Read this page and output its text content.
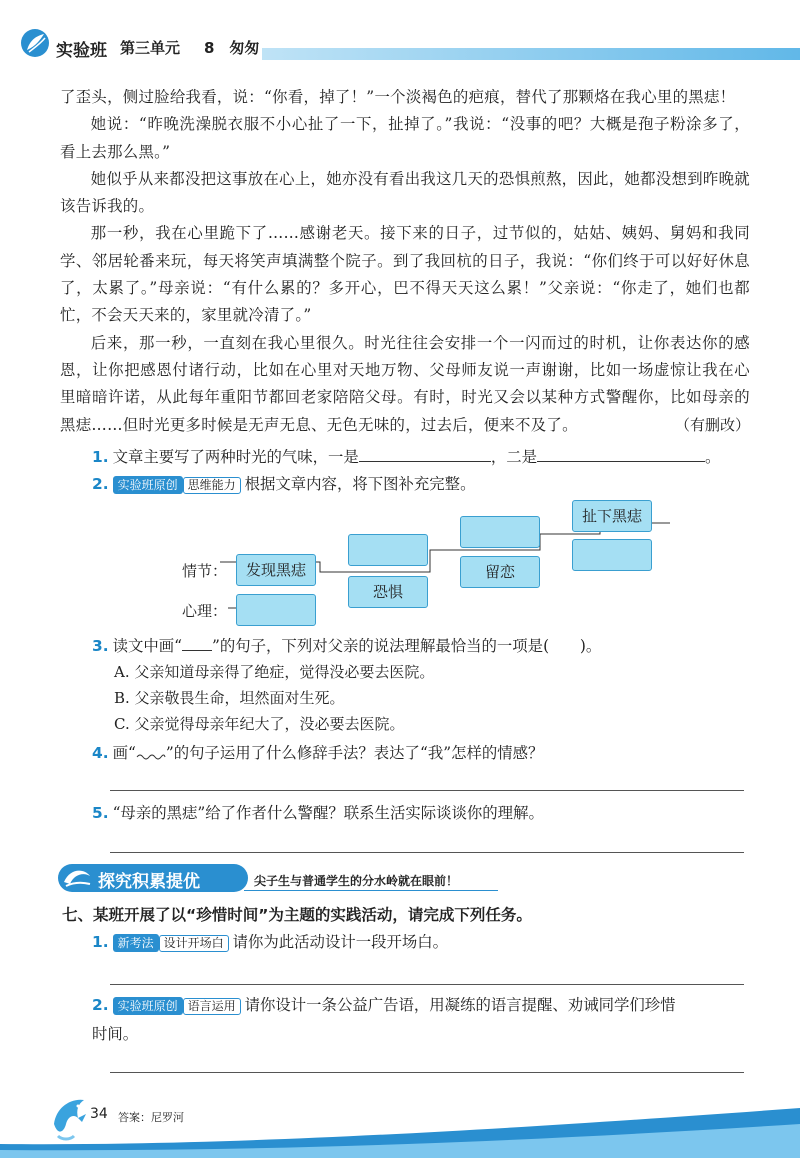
实验班 第三单元 8　匆匆

了歪头，侧过脸给我看，说：“你看，掉了！”一个淡褐色的疤痕，替代了那颗烙在我心里的黑痣！

她说：“昨晚洗澡脱衣服不小心扯了一下，扯掉了。”我说：“没事的吧？大概是孢子粉涂多了，看上去那么黑。”

她似乎从来都没把这事放在心上，她亦没有看出我这几天的恐惧煎熬，因此，她都没想到昨晚就该告诉我的。

那一秒，我在心里跪下了……感谢老天。接下来的日子，过节似的，姑姑、姨妈、舅妈和我同学、邻居轮番来玩，每天将笑声填满整个院子。到了我回杭的日子，我说：“你们终于可以好好休息了，太累了。”母亲说：“有什么累的？多开心，巴不得天天这么累！”父亲说：“你走了，她们也都忙，不会天天来的，家里就冷清了。”

后来，那一秒，一直刻在我心里很久。时光往往会安排一个一闪而过的时机，让你表达你的感恩，让你把感恩付诸行动，比如在心里对天地万物、父母师友说一声谢谢，比如一场虚惊让我在心里暗暗许诺，从此每年重阳节都回老家陪陪父母。有时，时光又会以某种方式警醒你，比如母亲的黑痣……但时光更多时候是无声无息、无色无味的，过去后，便来不及了。	（有删改）
1. 文章主要写了两种时光的气味，一是	，二是	。
2. 实验班原创 思维能力 根据文章内容，将下图补充完整。
情节：
心理：
发现黑痣
恐惧
留恋
扯下黑痣
3. 读文中画“ ”的句子，下列对父亲的说法理解最恰当的一项是(　　)。
A. 父亲知道母亲得了绝症，觉得没必要去医院。
B. 父亲敬畏生命，坦然面对生死。
C. 父亲觉得母亲年纪大了，没必要去医院。
4. 画“ ”的句子运用了什么修辞手法？表达了“我”怎样的情感？
5. “母亲的黑痣”给了作者什么警醒？联系生活实际谈谈你的理解。
探究积累提优	尖子生与普通学生的分水岭就在眼前！
七、某班开展了以“珍惜时间”为主题的实践活动，请完成下列任务。
1. 新考法 设计开场白 请你为此活动设计一段开场白。
2. 实验班原创 语言运用 请你设计一条公益广告语，用凝练的语言提醒、劝诫同学们珍惜
时间。
34 答案：尼罗河
